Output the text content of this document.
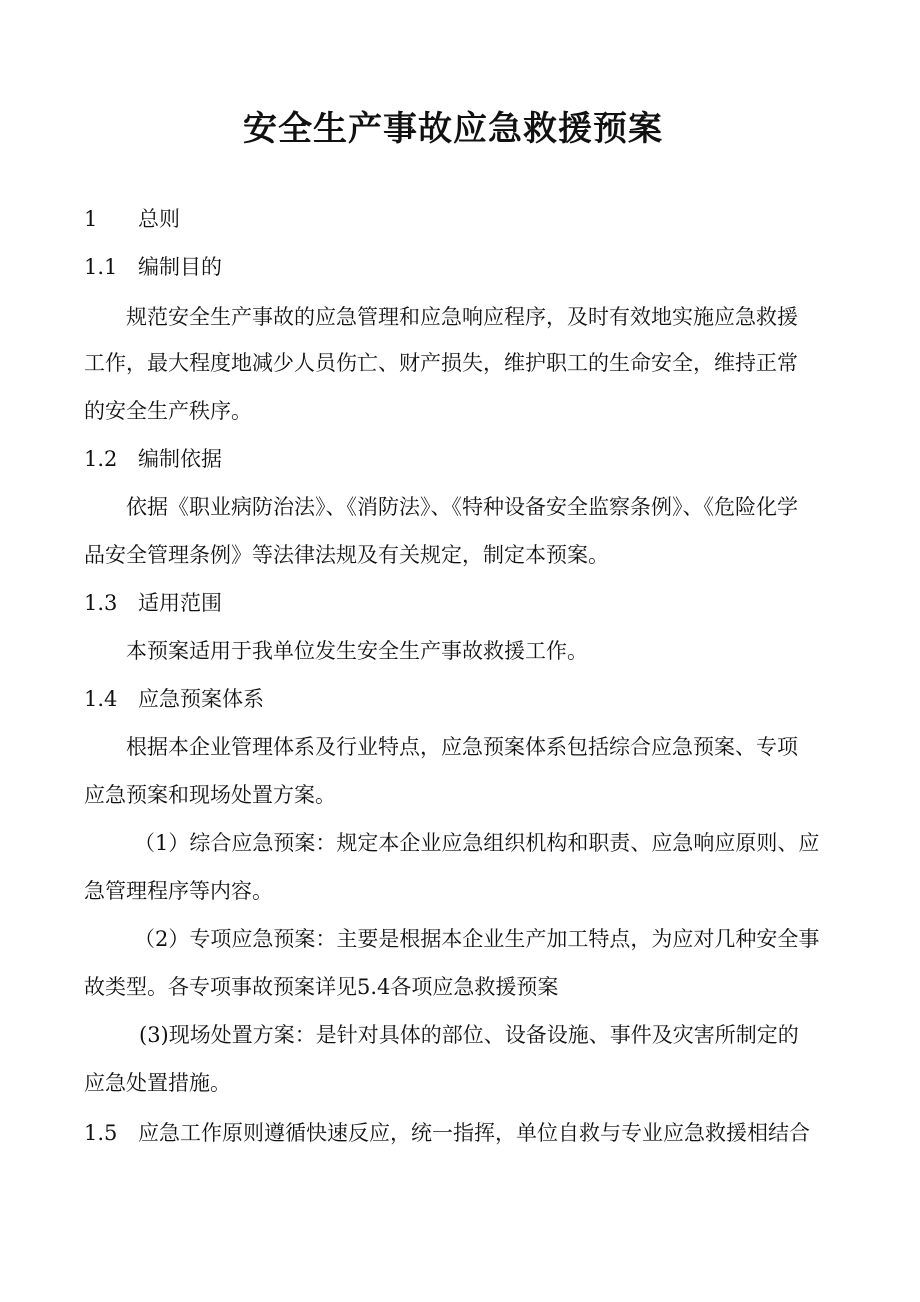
安全生产事故应急救援预案

1 总则

1.1 编制目的

规范安全生产事故的应急管理和应急响应程序，及时有效地实施应急救援

工作，最大程度地减少人员伤亡、财产损失，维护职工的生命安全，维持正常

的安全生产秩序。

1.2 编制依据

依据《职业病防治法》、《消防法》、《特种设备安全监察条例》、《危险化学

品安全管理条例》等法律法规及有关规定，制定本预案。

1.3 适用范围

本预案适用于我单位发生安全生产事故救援工作。

1.4 应急预案体系

根据本企业管理体系及行业特点，应急预案体系包括综合应急预案、专项

应急预案和现场处置方案。

（1）综合应急预案：规定本企业应急组织机构和职责、应急响应原则、应

急管理程序等内容。

（2）专项应急预案：主要是根据本企业生产加工特点，为应对几种安全事

故类型。各专项事故预案详见5.4各项应急救援预案

(3)现场处置方案：是针对具体的部位、设备设施、事件及灾害所制定的

应急处置措施。

1.5 应急工作原则遵循快速反应，统一指挥，单位自救与专业应急救援相结合
